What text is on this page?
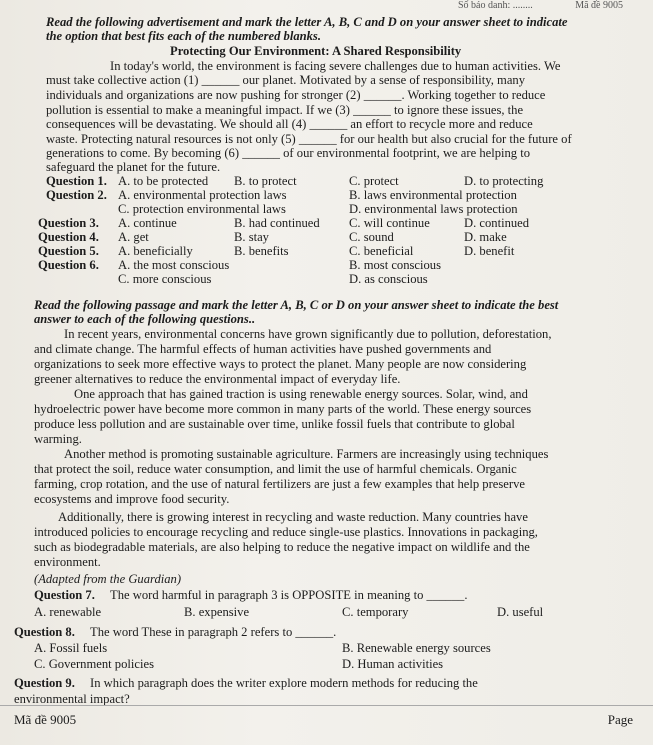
Số báo danh: ........	Mã đề 9005
Read the following advertisement and mark the letter A, B, C and D on your answer sheet to indicate
the option that best fits each of the numbered blanks.
Protecting Our Environment: A Shared Responsibility
In today's world, the environment is facing severe challenges due to human activities. We
must take collective action (1) ______ our planet. Motivated by a sense of responsibility, many
individuals and organizations are now pushing for stronger (2) ______. Working together to reduce
pollution is essential to make a meaningful impact. If we (3) ______ to ignore these issues, the
consequences will be devastating. We should all (4) ______ an effort to recycle more and reduce
waste. Protecting natural resources is not only (5) ______ for our health but also crucial for the future of
generations to come. By becoming (6) ______ of our environmental footprint, we are helping to
safeguard the planet for the future.
Question 1. A. to be protected B. to protect	C. protect	D. to protecting
Question 2. A. environmental protection laws	B. laws environmental protection
C. protection environmental laws	D. environmental laws protection
Question 3. A. continue	B. had continued C. will continue	D. continued
Question 4. A. get	B. stay	C. sound	D. make
Question 5. A. beneficially	B. benefits	C. beneficial	D. benefit
Question 6. A. the most conscious	B. most conscious
C. more conscious	D. as conscious
Read the following passage and mark the letter A, B, C or D on your answer sheet to indicate the best
answer to each of the following questions..
In recent years, environmental concerns have grown significantly due to pollution, deforestation,
and climate change. The harmful effects of human activities have pushed governments and
organizations to seek more effective ways to protect the planet. Many people are now considering
greener alternatives to reduce the environmental impact of everyday life.
One approach that has gained traction is using renewable energy sources. Solar, wind, and
hydroelectric power have become more common in many parts of the world. These energy sources
produce less pollution and are sustainable over time, unlike fossil fuels that contribute to global
warming.
Another method is promoting sustainable agriculture. Farmers are increasingly using techniques
that protect the soil, reduce water consumption, and limit the use of harmful chemicals. Organic
farming, crop rotation, and the use of natural fertilizers are just a few examples that help preserve
ecosystems and improve food security.
Additionally, there is growing interest in recycling and waste reduction. Many countries have
introduced policies to encourage recycling and reduce single-use plastics. Innovations in packaging,
such as biodegradable materials, are also helping to reduce the negative impact on wildlife and the
environment.
(Adapted from the Guardian)
Question 7. The word harmful in paragraph 3 is OPPOSITE in meaning to ______.
A. renewable	B. expensive	C. temporary	D. useful
Question 8. The word These in paragraph 2 refers to ______.
A. Fossil fuels	B. Renewable energy sources
C. Government policies	D. Human activities
Question 9. In which paragraph does the writer explore modern methods for reducing the
environmental impact?
Mã đề 9005	Page
